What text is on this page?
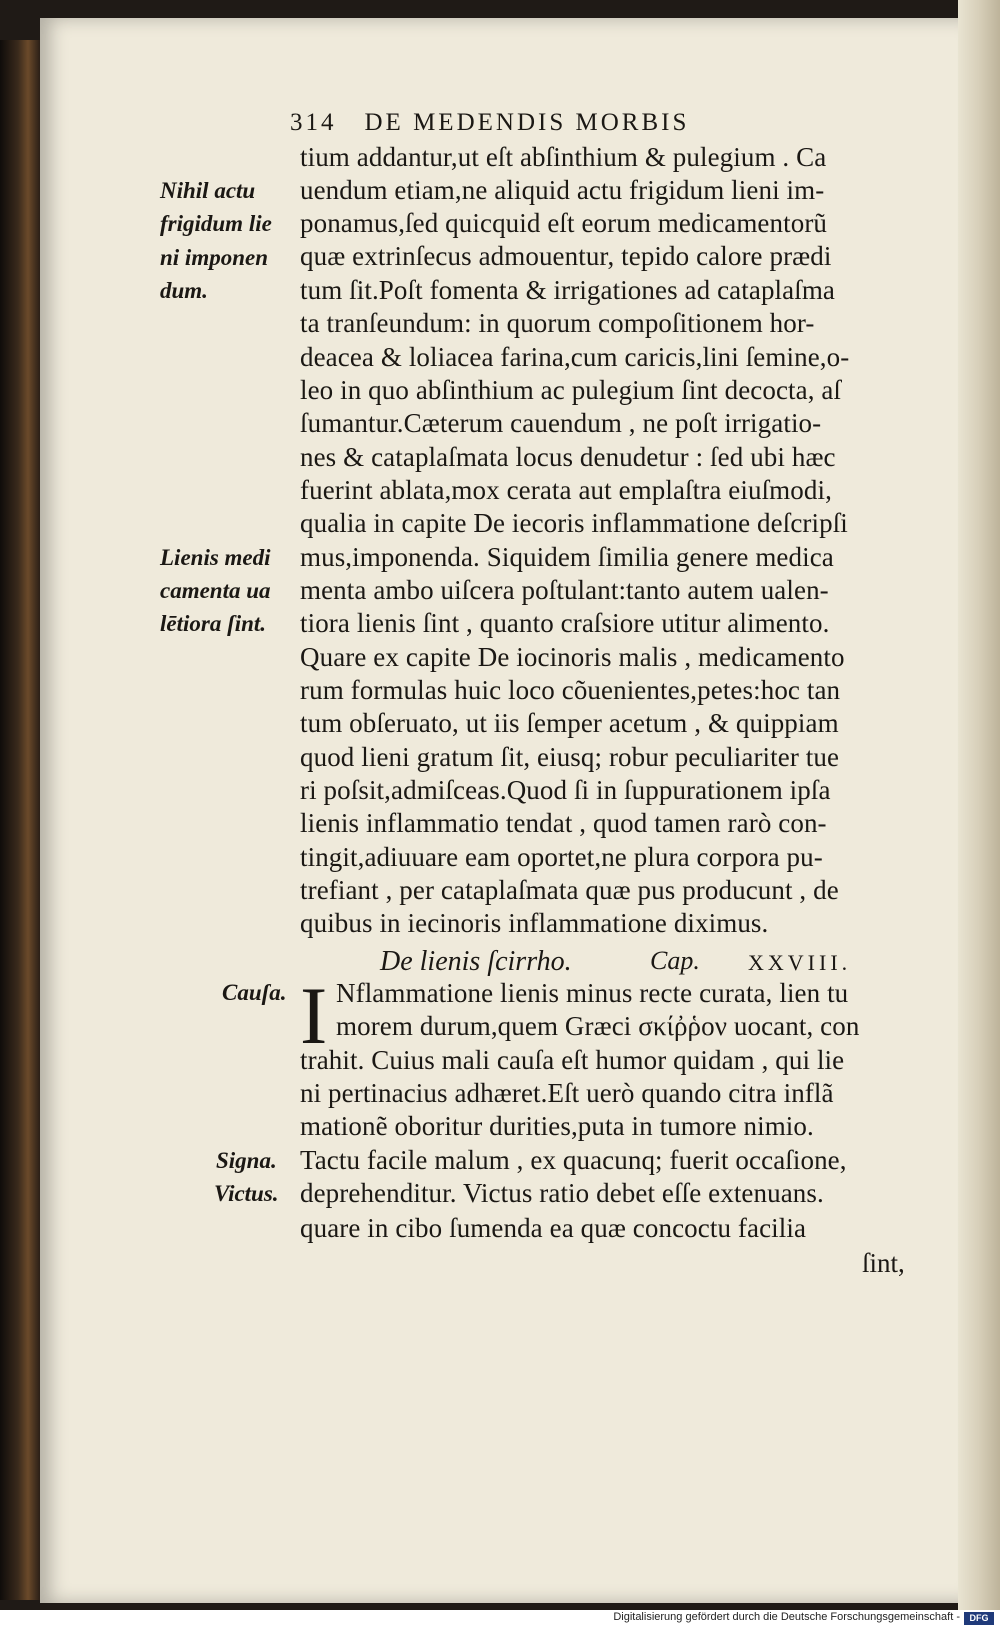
314 DE MEDENDIS MORBIS
tium addantur,ut eſt abſinthium & pulegium . Ca
uendum etiam,ne aliquid actu frigidum lieni im-
ponamus,ſed quicquid eſt eorum medicamentorũ
quæ extrinſecus admouentur, tepido calore prædi
tum ſit.Poſt fomenta & irrigationes ad cataplaſma
ta tranſeundum: in quorum compoſitionem hor-
deacea & loliacea farina,cum caricis,lini ſemine,o-
leo in quo abſinthium ac pulegium ſint decocta, aſ
ſumantur.Cæterum cauendum , ne poſt irrigatio-
nes & cataplaſmata locus denudetur : ſed ubi hæc
fuerint ablata,mox cerata aut emplaſtra eiuſmodi,
qualia in capite De iecoris inflammatione deſcripſi
mus,imponenda. Siquidem ſimilia genere medica
menta ambo uiſcera poſtulant:tanto autem ualen-
tiora lienis ſint , quanto craſsiore utitur alimento.
Quare ex capite De iocinoris malis , medicamento
rum formulas huic loco cõuenientes,petes:hoc tan
tum obſeruato, ut iis ſemper acetum , & quippiam
quod lieni gratum ſit, eiusq; robur peculiariter tue
ri poſsit,admiſceas.Quod ſi in ſuppurationem ipſa
lienis inflammatio tendat , quod tamen rarò con-
tingit,adiuuare eam oportet,ne plura corpora pu-
trefiant , per cataplaſmata quæ pus producunt , de
quibus in iecinoris inflammatione diximus.
De lienis ſcirrho.	Cap. XXVIII.
I Nflammatione lienis minus recte curata, lien tu
morem durum,quem Græci σκίῤῥον uocant, con
trahit. Cuius mali cauſa eſt humor quidam , qui lie
ni pertinacius adhæret.Eſt uerò quando citra inflã
mationẽ oboritur durities,puta in tumore nimio.
Tactu facile malum , ex quacunq; fuerit occaſione,
deprehenditur. Victus ratio debet eſſe extenuans.
quare in cibo ſumenda ea quæ concoctu facilia
ſint,
Nihil actu
frigidum lie
ni imponen
dum.
Lienis medi
camenta ua
lētiora ſint.
Cauſa.
Signa.
Victus.
Digitalisierung gefördert durch die Deutsche Forschungsgemeinschaft -	DFG
